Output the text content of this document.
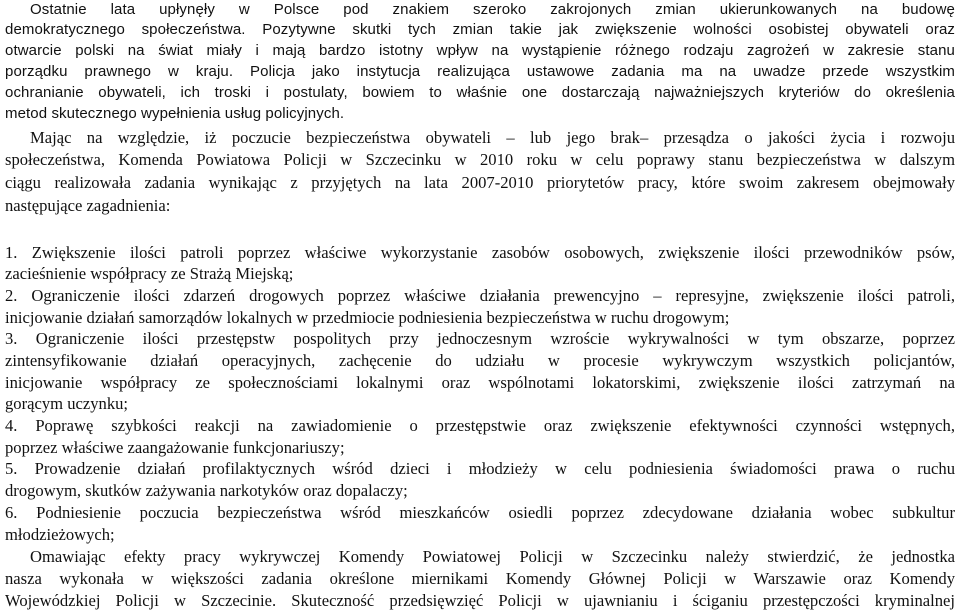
Ostatnie lata upłynęły w Polsce pod znakiem szeroko zakrojonych zmian ukierunkowanych na budowę
demokratycznego społeczeństwa. Pozytywne skutki tych zmian takie jak zwiększenie wolności osobistej obywateli oraz
otwarcie polski na świat miały i mają bardzo istotny wpływ na wystąpienie różnego rodzaju zagrożeń w zakresie stanu
porządku prawnego w kraju. Policja jako instytucja realizująca ustawowe zadania ma na uwadze przede wszystkim
ochranianie obywateli, ich troski i postulaty, bowiem to właśnie one dostarczają najważniejszych kryteriów do określenia
metod skutecznego wypełnienia usług policyjnych.
Mając na względzie, iż poczucie bezpieczeństwa obywateli – lub jego brak– przesądza o jakości życia i rozwoju
społeczeństwa, Komenda Powiatowa Policji w Szczecinku w 2010 roku w celu poprawy stanu bezpieczeństwa w dalszym
ciągu realizowała zadania wynikając z przyjętych na lata 2007-2010 priorytetów pracy, które swoim zakresem obejmowały
następujące zagadnienia:
1. Zwiększenie ilości patroli poprzez właściwe wykorzystanie zasobów osobowych, zwiększenie ilości przewodników psów,
zacieśnienie współpracy ze Strażą Miejską;
2. Ograniczenie ilości zdarzeń drogowych poprzez właściwe działania prewencyjno – represyjne, zwiększenie ilości patroli,
inicjowanie działań samorządów lokalnych w przedmiocie podniesienia bezpieczeństwa w ruchu drogowym;
3. Ograniczenie ilości przestępstw pospolitych przy jednoczesnym wzroście wykrywalności w tym obszarze, poprzez
zintensyfikowanie działań operacyjnych, zachęcenie do udziału w procesie wykrywczym wszystkich policjantów,
inicjowanie współpracy ze społecznościami lokalnymi oraz wspólnotami lokatorskimi, zwiększenie ilości zatrzymań na
gorącym uczynku;
4. Poprawę szybkości reakcji na zawiadomienie o przestępstwie oraz zwiększenie efektywności czynności wstępnych,
poprzez właściwe zaangażowanie funkcjonariuszy;
5. Prowadzenie działań profilaktycznych wśród dzieci i młodzieży w celu podniesienia świadomości prawa o ruchu
drogowym, skutków zażywania narkotyków oraz dopalaczy;
6. Podniesienie poczucia bezpieczeństwa wśród mieszkańców osiedli poprzez zdecydowane działania wobec subkultur
młodzieżowych;
Omawiając efekty pracy wykrywczej Komendy Powiatowej Policji w Szczecinku należy stwierdzić, że jednostka
nasza wykonała w większości zadania określone miernikami Komendy Głównej Policji w Warszawie oraz Komendy
Wojewódzkiej Policji w Szczecinie. Skuteczność przedsięwzięć Policji w ujawnianiu i ściganiu przestępczości kryminalnej
